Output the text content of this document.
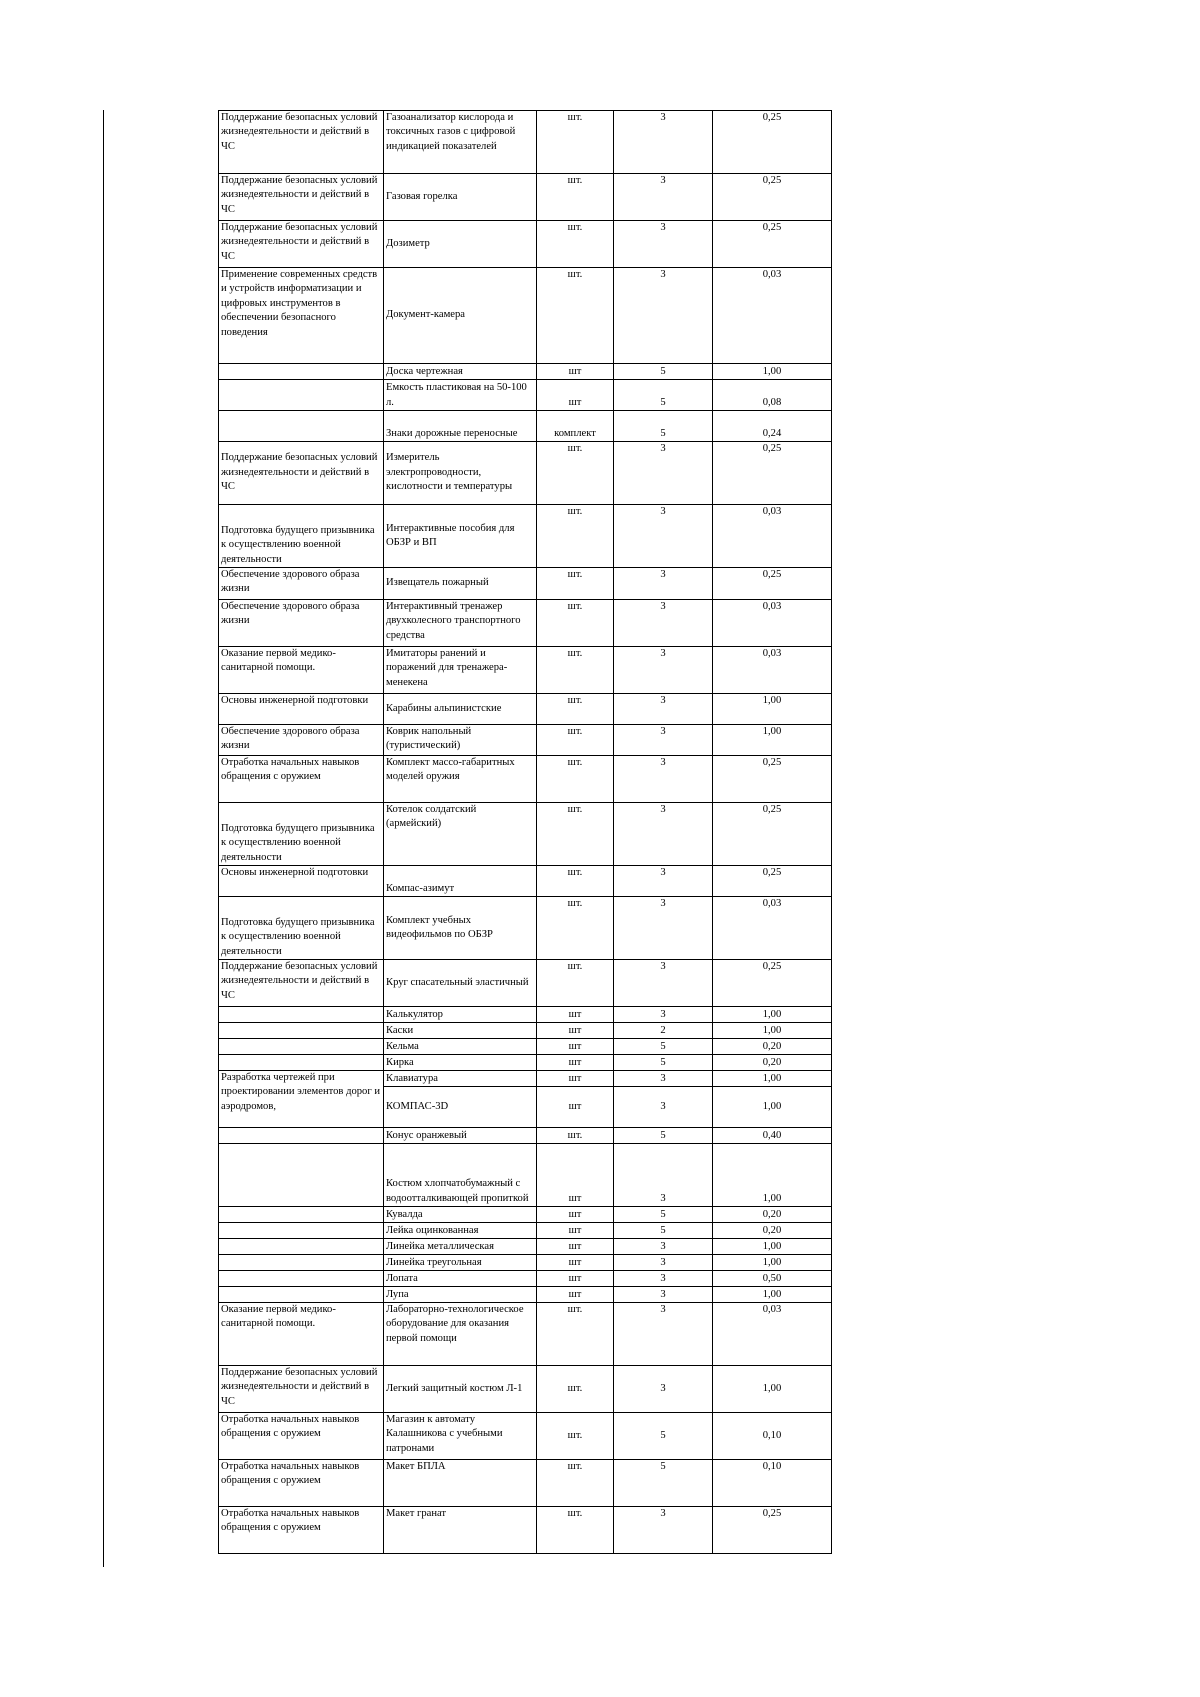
Поддержание безопасных условий жизнедеятельности и действий в ЧС	Газоанализатор кислорода и токсичных газов с цифровой индикацией показателей	шт.	3	0,25
Поддержание безопасных условий жизнедеятельности и действий в ЧС	Газовая горелка	шт.	3	0,25
Поддержание безопасных условий жизнедеятельности и действий в ЧС	Дозиметр	шт.	3	0,25
Применение современных средств и устройств информатизации и цифровых инструментов в обеспечении безопасного поведения	Документ-камера	шт.	3	0,03
	Доска чертежная	шт	5	1,00
	Емкость пластиковая на 50-100 л.	шт	5	0,08
	Знаки дорожные переносные	комплект	5	0,24
Поддержание безопасных условий жизнедеятельности и действий в ЧС	Измеритель электропроводности, кислотности и температуры	шт.	3	0,25
Подготовка будущего призывника к осуществлению военной деятельности	Интерактивные пособия для ОБЗР и ВП	шт.	3	0,03
Обеспечение здорового образа жизни	Извещатель пожарный	шт.	3	0,25
Обеспечение здорового образа жизни	Интерактивный тренажер двухколесного транспортного средства	шт.	3	0,03
Оказание первой медико-санитарной помощи.	Имитаторы ранений и поражений для тренажера-менекена	шт.	3	0,03
Основы инженерной подготовки	Карабины альпинистские	шт.	3	1,00
Обеспечение здорового образа жизни	Коврик напольный (туристический)	шт.	3	1,00
Отработка начальных навыков обращения с оружием	Комплект массо-габаритных моделей оружия	шт.	3	0,25
Подготовка будущего призывника к осуществлению военной деятельности	Котелок солдатский (армейский)	шт.	3	0,25
Основы инженерной подготовки	Компас-азимут	шт.	3	0,25
Подготовка будущего призывника к осуществлению военной деятельности	Комплект учебных видеофильмов по ОБЗР	шт.	3	0,03
Поддержание безопасных условий жизнедеятельности и действий в ЧС	Круг спасательный эластичный	шт.	3	0,25
	Калькулятор	шт	3	1,00
	Каски	шт	2	1,00
	Кельма	шт	5	0,20
	Кирка	шт	5	0,20
Разработка чертежей при проектировании элементов дорог и аэродромов,	Клавиатура	шт	3	1,00
	КОМПАС-3D	шт	3	1,00
	Конус оранжевый	шт.	5	0,40
	Костюм хлопчатобумажный с водоотталкивающей пропиткой	шт	3	1,00
	Кувалда	шт	5	0,20
	Лейка оцинкованная	шт	5	0,20
	Линейка металлическая	шт	3	1,00
	Линейка треугольная	шт	3	1,00
	Лопата	шт	3	0,50
	Лупа	шт	3	1,00
Оказание первой медико-санитарной помощи.	Лабораторно-технологическое оборудование для оказания первой помощи	шт.	3	0,03
Поддержание безопасных условий жизнедеятельности и действий в ЧС	Легкий защитный костюм Л-1	шт.	3	1,00
Отработка начальных навыков обращения с оружием	Магазин к автомату Калашникова с учебными патронами	шт.	5	0,10
Отработка начальных навыков обращения с оружием	Макет БПЛА	шт.	5	0,10
Отработка начальных навыков обращения с оружием	Макет гранат	шт.	3	0,25
